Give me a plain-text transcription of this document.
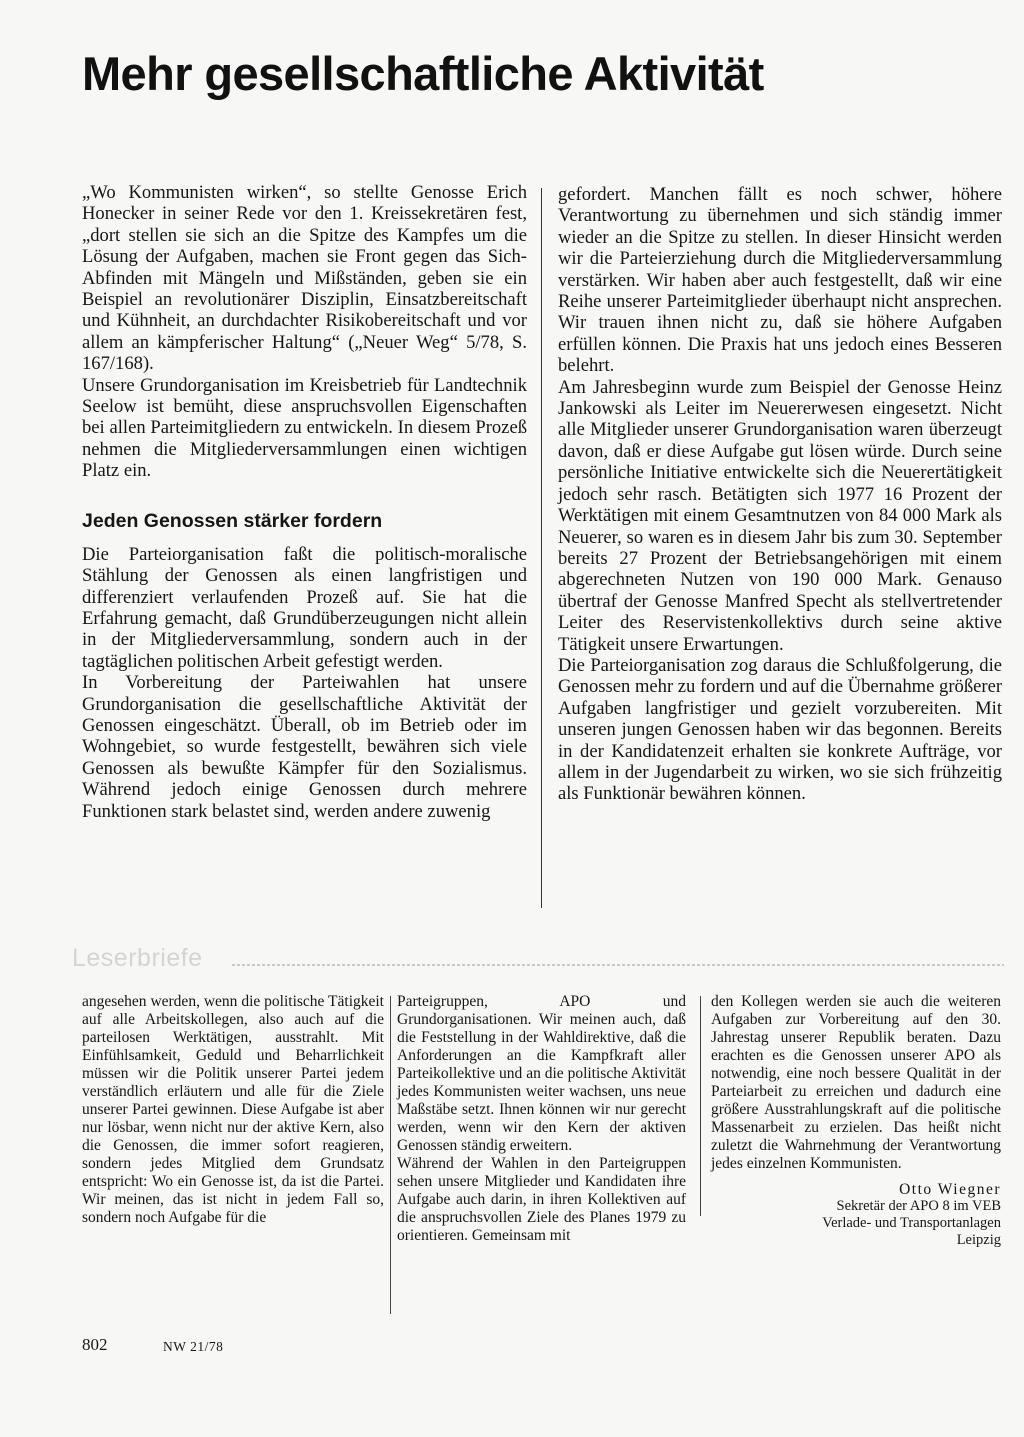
Mehr gesellschaftliche Aktivität

„Wo Kommunisten wirken“, so stellte Genosse Erich Honecker in seiner Rede vor den 1. Kreissekretären fest, „dort stellen sie sich an die Spitze des Kampfes um die Lösung der Aufgaben, machen sie Front gegen das Sich-Abfinden mit Mängeln und Mißständen, geben sie ein Beispiel an revolutionärer Disziplin, Einsatzbereitschaft und Kühnheit, an durchdachter Risikobereitschaft und vor allem an kämpferischer Haltung“ („Neuer Weg“ 5/78, S. 167/168).

Unsere Grundorganisation im Kreisbetrieb für Landtechnik Seelow ist bemüht, diese anspruchsvollen Eigenschaften bei allen Parteimitgliedern zu entwickeln. In diesem Prozeß nehmen die Mitgliederversammlungen einen wichtigen Platz ein.

Jeden Genossen stärker fordern

Die Parteiorganisation faßt die politisch-moralische Stählung der Genossen als einen langfristigen und differenziert verlaufenden Prozeß auf. Sie hat die Erfahrung gemacht, daß Grundüberzeugungen nicht allein in der Mitgliederversammlung, sondern auch in der tagtäglichen politischen Arbeit gefestigt werden.

In Vorbereitung der Parteiwahlen hat unsere Grundorganisation die gesellschaftliche Aktivität der Genossen eingeschätzt. Überall, ob im Betrieb oder im Wohngebiet, so wurde festgestellt, bewähren sich viele Genossen als bewußte Kämpfer für den Sozialismus. Während jedoch einige Genossen durch mehrere Funktionen stark belastet sind, werden andere zuwenig

gefordert. Manchen fällt es noch schwer, höhere Verantwortung zu übernehmen und sich ständig immer wieder an die Spitze zu stellen. In dieser Hinsicht werden wir die Parteierziehung durch die Mitgliederversammlung verstärken. Wir haben aber auch festgestellt, daß wir eine Reihe unserer Parteimitglieder überhaupt nicht ansprechen. Wir trauen ihnen nicht zu, daß sie höhere Aufgaben erfüllen können. Die Praxis hat uns jedoch eines Besseren belehrt.

Am Jahresbeginn wurde zum Beispiel der Genosse Heinz Jankowski als Leiter im Neuererwesen eingesetzt. Nicht alle Mitglieder unserer Grundorganisation waren überzeugt davon, daß er diese Aufgabe gut lösen würde. Durch seine persönliche Initiative entwickelte sich die Neuerertätigkeit jedoch sehr rasch. Betätigten sich 1977 16 Prozent der Werktätigen mit einem Gesamtnutzen von 84 000 Mark als Neuerer, so waren es in diesem Jahr bis zum 30. September bereits 27 Prozent der Betriebsangehörigen mit einem abgerechneten Nutzen von 190 000 Mark. Genauso übertraf der Genosse Manfred Specht als stellvertretender Leiter des Reservistenkollektivs durch seine aktive Tätigkeit unsere Erwartungen.

Die Parteiorganisation zog daraus die Schlußfolgerung, die Genossen mehr zu fordern und auf die Übernahme größerer Aufgaben langfristiger und gezielt vorzubereiten. Mit unseren jungen Genossen haben wir das begonnen. Bereits in der Kandidatenzeit erhalten sie konkrete Aufträge, vor allem in der Jugendarbeit zu wirken, wo sie sich frühzeitig als Funktionär bewähren können.

Leserbriefe

angesehen werden, wenn die politische Tätigkeit auf alle Arbeitskollegen, also auch auf die parteilosen Werktätigen, ausstrahlt. Mit Einfühlsamkeit, Geduld und Beharrlichkeit müssen wir die Politik unserer Partei jedem verständlich erläutern und alle für die Ziele unserer Partei gewinnen. Diese Aufgabe ist aber nur lösbar, wenn nicht nur der aktive Kern, also die Genossen, die immer sofort reagieren, sondern jedes Mitglied dem Grundsatz entspricht: Wo ein Genosse ist, da ist die Partei. Wir meinen, das ist nicht in jedem Fall so, sondern noch Aufgabe für die

Parteigruppen, APO und Grundorganisationen. Wir meinen auch, daß die Feststellung in der Wahldirektive, daß die Anforderungen an die Kampfkraft aller Parteikollektive und an die politische Aktivität jedes Kommunisten weiter wachsen, uns neue Maßstäbe setzt. Ihnen können wir nur gerecht werden, wenn wir den Kern der aktiven Genossen ständig erweitern.

Während der Wahlen in den Parteigruppen sehen unsere Mitglieder und Kandidaten ihre Aufgabe auch darin, in ihren Kollektiven auf die anspruchsvollen Ziele des Planes 1979 zu orientieren. Gemeinsam mit

den Kollegen werden sie auch die weiteren Aufgaben zur Vorbereitung auf den 30. Jahrestag unserer Republik beraten. Dazu erachten es die Genossen unserer APO als notwendig, eine noch bessere Qualität in der Parteiarbeit zu erreichen und dadurch eine größere Ausstrahlungskraft auf die politische Massenarbeit zu erzielen. Das heißt nicht zuletzt die Wahrnehmung der Verantwortung jedes einzelnen Kommunisten.

Otto Wiegner
Sekretär der APO 8 im VEB
Verlade- und Transportanlagen
Leipzig
802	NW 21/78
